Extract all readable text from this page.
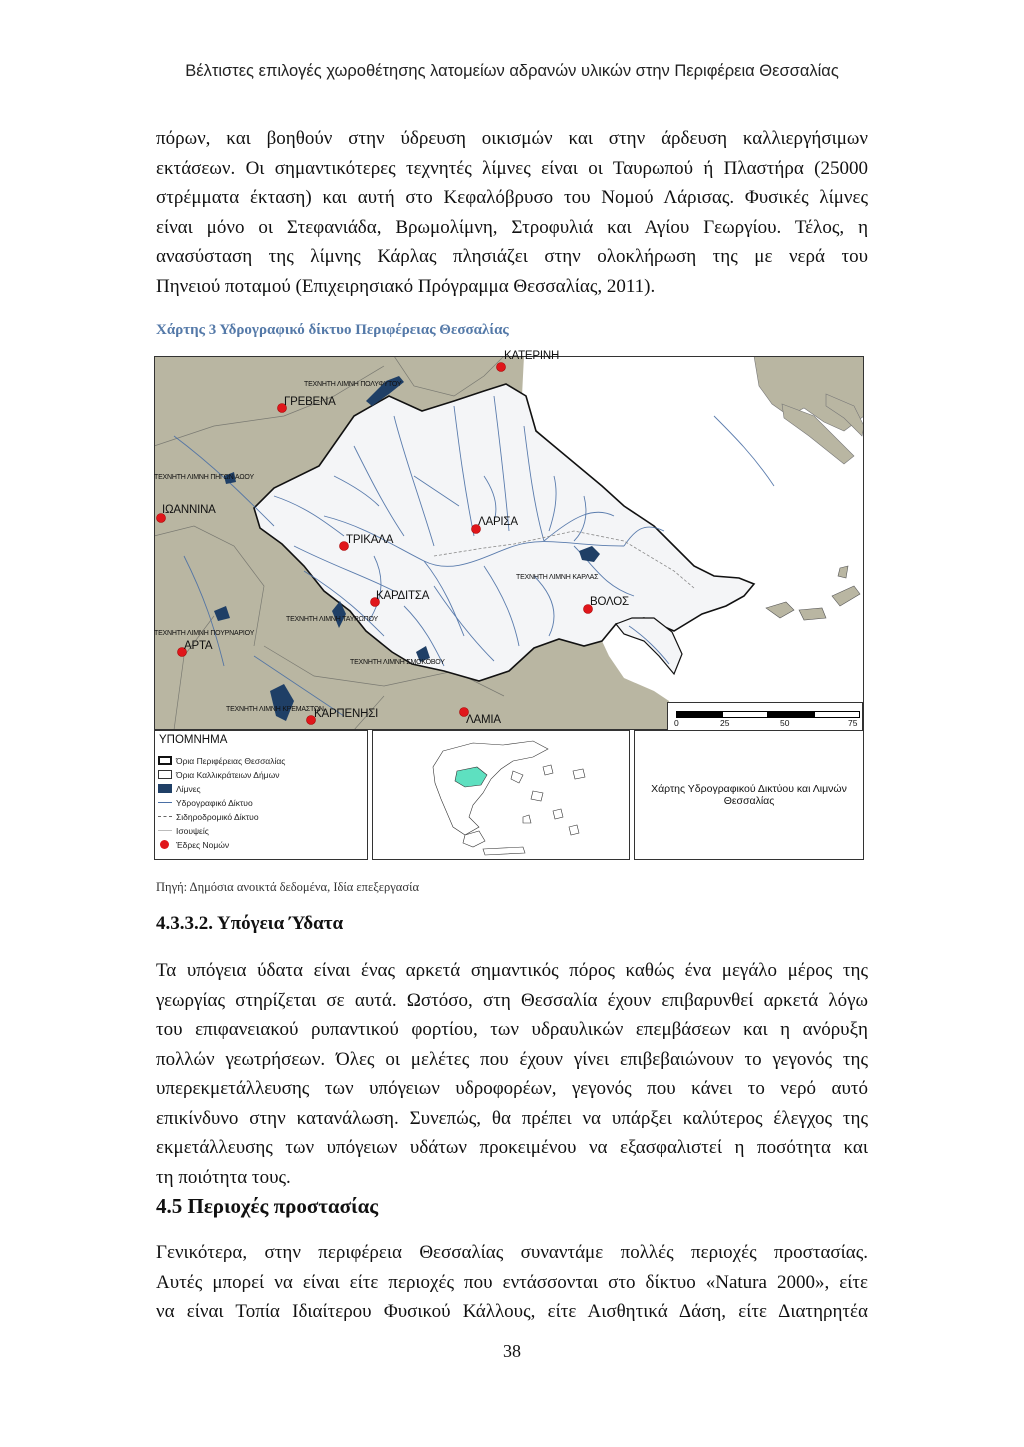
Βέλτιστες επιλογές χωροθέτησης λατομείων αδρανών υλικών στην Περιφέρεια Θεσσαλίας
πόρων, και βοηθούν στην ύδρευση οικισμών και στην άρδευση καλλιεργήσιμων
εκτάσεων. Οι σημαντικότερες τεχνητές λίμνες είναι οι Ταυρωπού ή Πλαστήρα (25000
στρέμματα έκταση) και αυτή στο Κεφαλόβρυσο του Νομού Λάρισας. Φυσικές λίμνες
είναι μόνο οι Στεφανιάδα, Βρωμολίμνη, Στροφυλιά και Αγίου Γεωργίου. Τέλος, η
ανασύσταση της λίμνης Κάρλας πλησιάζει στην ολοκλήρωση της με νερά του
Πηνειού ποταμού (Επιχειρησιακό Πρόγραμμα Θεσσαλίας, 2011).
Χάρτης 3 Υδρογραφικό δίκτυο Περιφέρειας Θεσσαλίας
ΚΑΤΕΡΙΝΗ
ΓΡΕΒΕΝΑ
ΙΩΑΝΝΙΝΑ
ΛΑΡΙΣΑ
ΤΡΙΚΑΛΑ
ΚΑΡΔΙΤΣΑ	ΒΟΛΟΣ
ΑΡΤΑ
ΚΑΡΠΕΝΗΣΙ	ΛΑΜΙΑ
ΤΕΧΝΗΤΗ ΛΙΜΝΗ ΠΟΛΥΦΥΤΟΥ
ΤΕΧΝΗΤΗ ΛΙΜΝΗ ΠΗΓΩΝ ΑΩΟΥ
ΤΕΧΝΗΤΗ ΛΙΜΝΗ ΚΑΡΛΑΣ
ΤΕΧΝΗΤΗ ΛΙΜΝΗ ΤΑΥΡΩΠΟΥ
ΤΕΧΝΗΤΗ ΛΙΜΝΗ ΠΟΥΡΝΑΡΙΟΥ
ΤΕΧΝΗΤΗ ΛΙΜΝΗ ΣΜΟΚΟΒΟΥ
ΤΕΧΝΗΤΗ ΛΙΜΝΗ ΚΡΕΜΑΣΤΩΝ
0	25	50	75
ΥΠΟΜΝΗΜΑ
Όρια Περιφέρειας Θεσσαλίας
Όρια Καλλικράτειων Δήμων
Λίμνες
Υδρογραφικό Δίκτυο
Σιδηροδρομικό Δίκτυο
Ισουψείς
Έδρες Νομών
Χάρτης Υδρογραφικού Δικτύου και Λιμνών Θεσσαλίας
Πηγή: Δημόσια ανοικτά δεδομένα, Ιδία επεξεργασία
4.3.3.2. Υπόγεια Ύδατα
Τα υπόγεια ύδατα είναι ένας αρκετά σημαντικός πόρος καθώς ένα μεγάλο μέρος της
γεωργίας στηρίζεται σε αυτά. Ωστόσο, στη Θεσσαλία έχουν επιβαρυνθεί αρκετά λόγω
του επιφανειακού ρυπαντικού φορτίου, των υδραυλικών επεμβάσεων και η ανόρυξη
πολλών γεωτρήσεων. Όλες οι μελέτες που έχουν γίνει επιβεβαιώνουν το γεγονός της
υπερεκμετάλλευσης των υπόγειων υδροφορέων, γεγονός που κάνει το νερό αυτό
επικίνδυνο στην κατανάλωση. Συνεπώς, θα πρέπει να υπάρξει καλύτερος έλεγχος της
εκμετάλλευσης των υπόγειων υδάτων προκειμένου να εξασφαλιστεί η ποσότητα και
τη ποιότητα τους.
4.5 Περιοχές προστασίας
Γενικότερα, στην περιφέρεια Θεσσαλίας συναντάμε πολλές περιοχές προστασίας.
Αυτές μπορεί να είναι είτε περιοχές που εντάσσονται στο δίκτυο «Natura 2000», είτε
να είναι Τοπία Ιδιαίτερου Φυσικού Κάλλους, είτε Αισθητικά Δάση, είτε Διατηρητέα
38
